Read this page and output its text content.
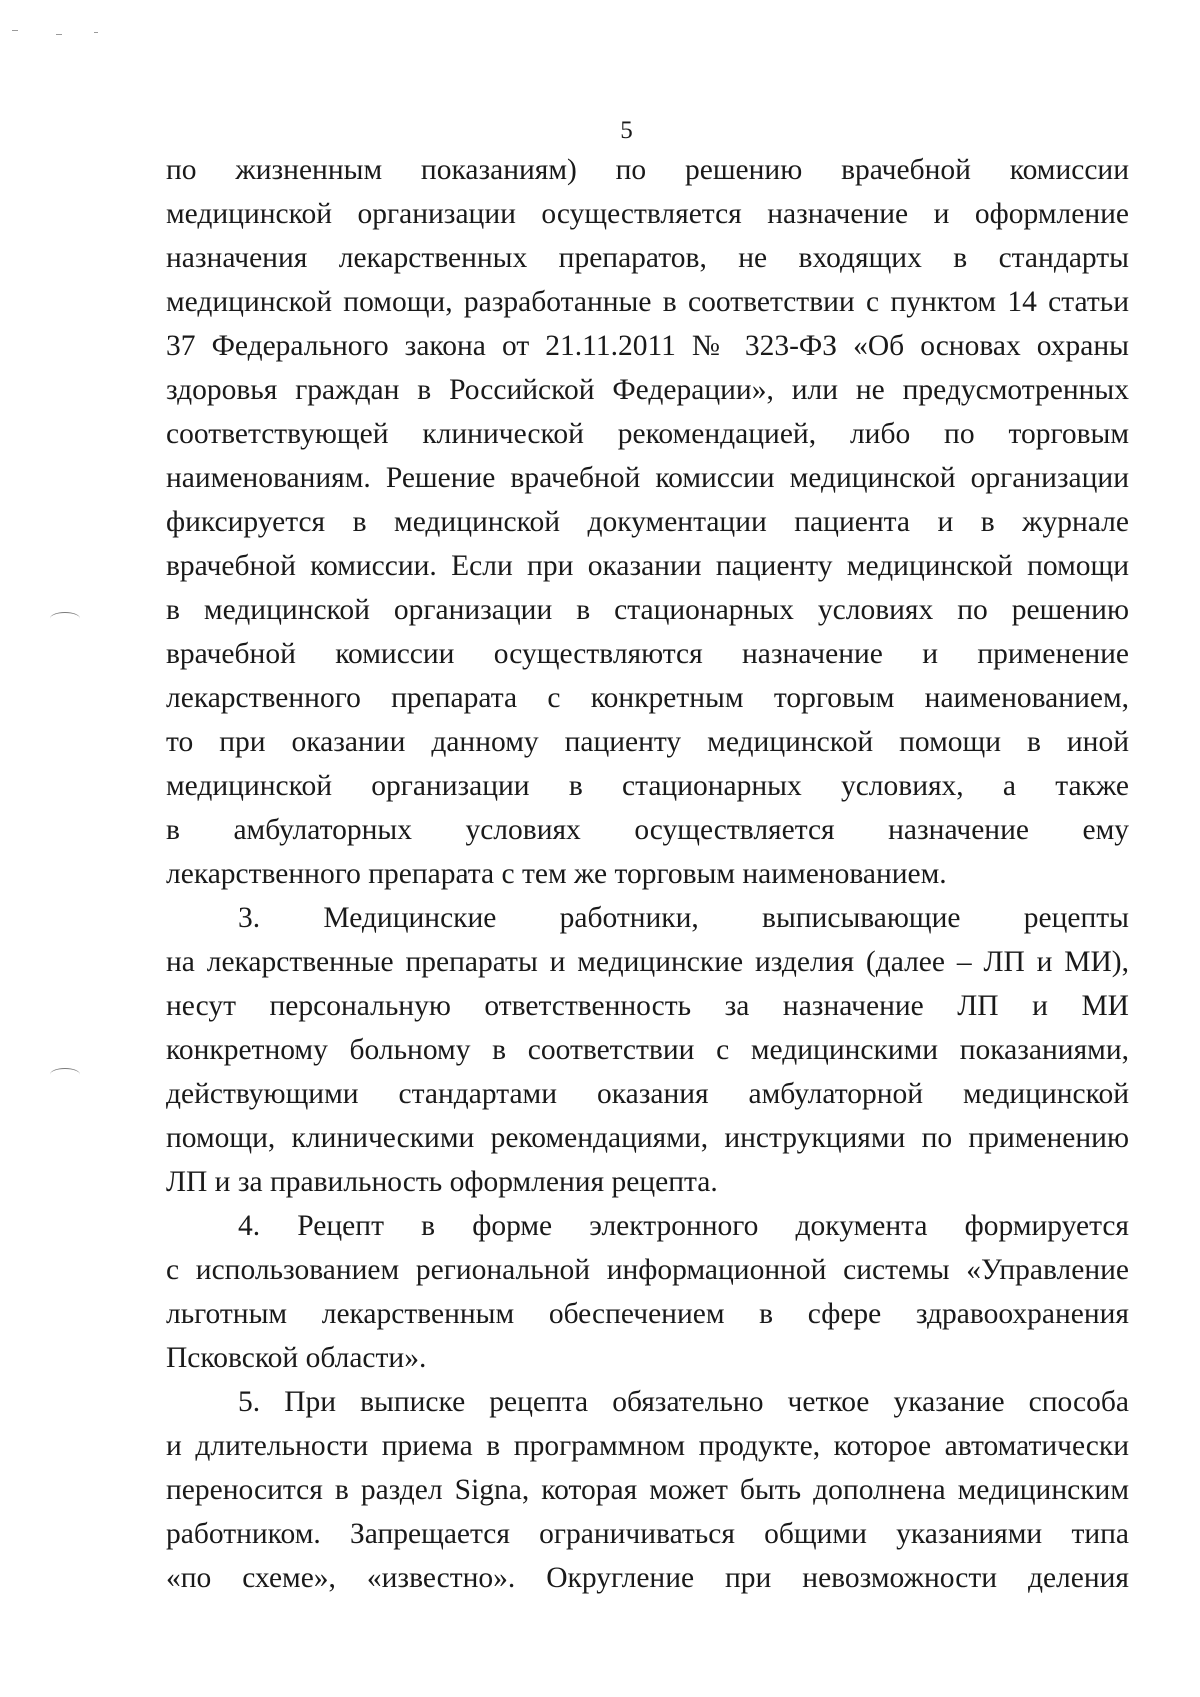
5
по жизненным показаниям) по решению врачебной комиссии
медицинской организации осуществляется назначение и оформление
назначения лекарственных препаратов, не входящих в стандарты
медицинской помощи, разработанные в соответствии с пунктом 14 статьи
37 Федерального закона от 21.11.2011 № 323-ФЗ «Об основах охраны
здоровья граждан в Российской Федерации», или не предусмотренных
соответствующей клинической рекомендацией, либо по торговым
наименованиям. Решение врачебной комиссии медицинской организации
фиксируется в медицинской документации пациента и в журнале
врачебной комиссии. Если при оказании пациенту медицинской помощи
в медицинской организации в стационарных условиях по решению
врачебной комиссии осуществляются назначение и применение
лекарственного препарата с конкретным торговым наименованием,
то при оказании данному пациенту медицинской помощи в иной
медицинской организации в стационарных условиях, а также
в амбулаторных условиях осуществляется назначение ему
лекарственного препарата с тем же торговым наименованием.
3. Медицинские работники, выписывающие рецепты
на лекарственные препараты и медицинские изделия (далее – ЛП и МИ),
несут персональную ответственность за назначение ЛП и МИ
конкретному больному в соответствии с медицинскими показаниями,
действующими стандартами оказания амбулаторной медицинской
помощи, клиническими рекомендациями, инструкциями по применению
ЛП и за правильность оформления рецепта.
4. Рецепт в форме электронного документа формируется
с использованием региональной информационной системы «Управление
льготным лекарственным обеспечением в сфере здравоохранения
Псковской области».
5. При выписке рецепта обязательно четкое указание способа
и длительности приема в программном продукте, которое автоматически
переносится в раздел Signa, которая может быть дополнена медицинским
работником. Запрещается ограничиваться общими указаниями типа
«по схеме», «известно». Округление при невозможности деления
